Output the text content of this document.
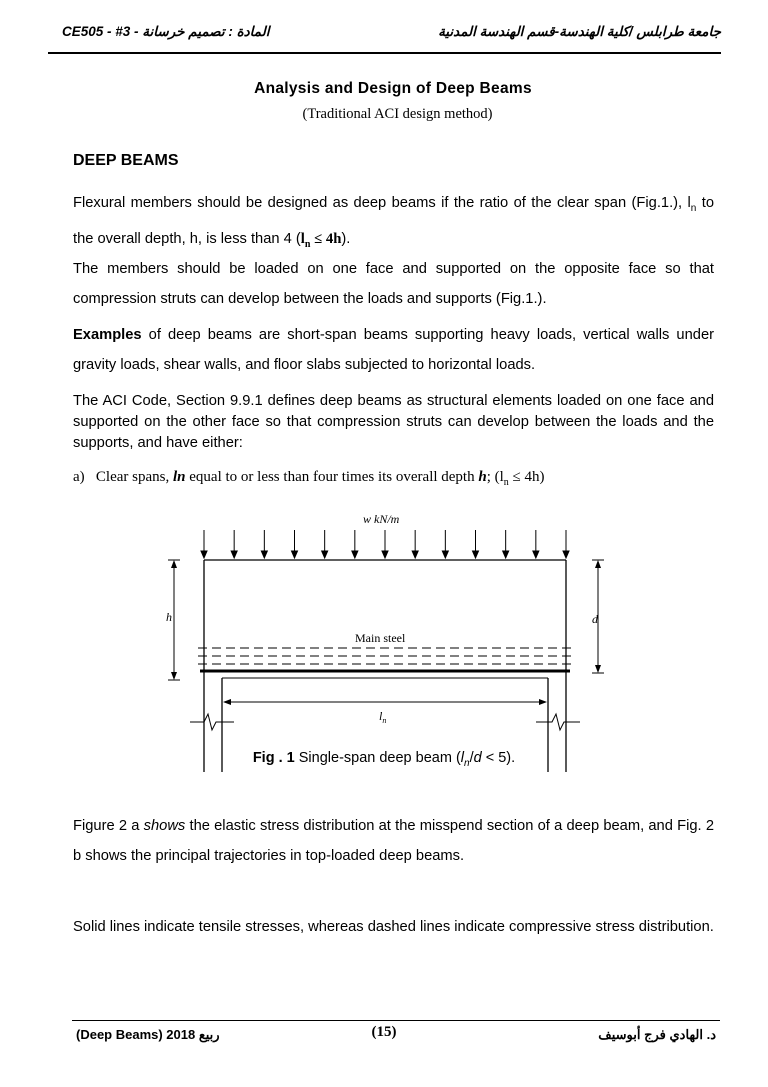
CE505 - #3 - المادة : تصميم خرسانة	جامعة طرابلس /كلية الهندسة-قسم الهندسة المدنية
Analysis and Design of Deep Beams
(Traditional ACI design method)
DEEP BEAMS
Flexural members should be designed as deep beams if the ratio of the clear span (Fig.1.), $l_n$ to the overall depth, h, is less than 4 $(l_n \le 4h)$.
The members should be loaded on one face and supported on the opposite face so that compression struts can develop between the loads and supports (Fig.1.).
Examples of deep beams are short-span beams supporting heavy loads, vertical walls under gravity loads, shear walls, and floor slabs subjected to horizontal loads.
The ACI Code, Section 9.9.1 defines deep beams as structural elements loaded on one face and supported on the other face so that compression struts can develop between the loads and the supports, and have either:
a) Clear spans, ln equal to or less than four times its overall depth h; $(l_n \le 4h)$
w kN/m
Main steel
h	d
$l_n$
Fig . 1 Single-span deep beam $(l_n/d < 5)$.
Figure 2 a shows the elastic stress distribution at the misspend section of a deep beam, and Fig. 2 b shows the principal trajectories in top-loaded deep beams.
Solid lines indicate tensile stresses, whereas dashed lines indicate compressive stress distribution.
(Deep Beams) 2018 ربيع	(15)	د. الهادي فرج أبوسيف
